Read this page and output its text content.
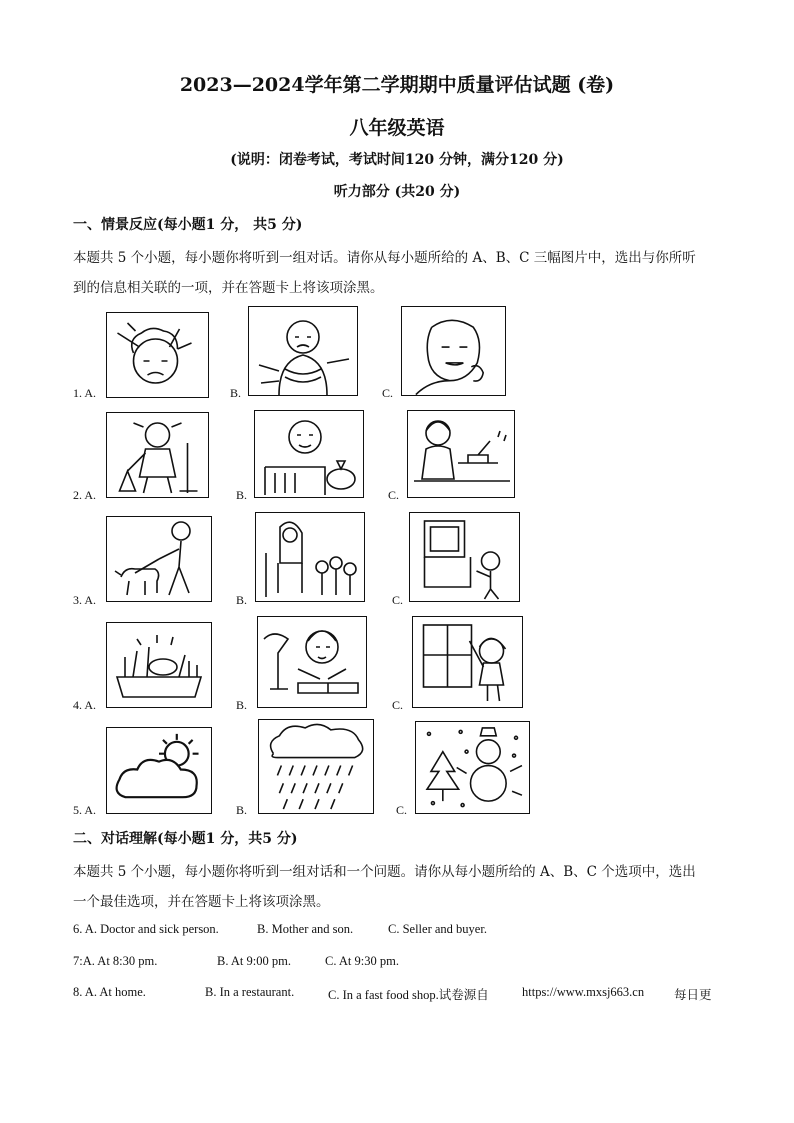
2023—2024学年第二学期期中质量评估试题 (卷)
八年级英语
(说明：闭卷考试，考试时间120 分钟，满分120 分)
听力部分 (共20 分)
一、情景反应(每小题1 分， 共5 分)
本题共 5 个小题，每小题你将听到一组对话。请你从每小题所给的 A、B、C 三幅图片中，选出与你所听
到的信息相关联的一项，并在答题卡上将该项涂黑。
1. A.	B.	C.
2. A.	B.	C.
3. A.	B.	C.
4. A.	B.	C.
5. A.	B.	C.
二、对话理解(每小题1 分，共5 分)
本题共 5 个小题，每小题你将听到一组对话和一个问题。请你从每小题所给的 A、B、C 个选项中，选出
一个最佳选项，并在答题卡上将该项涂黑。
6. A. Doctor and sick person.	B. Mother and son.	C. Seller and buyer.
7:A. At 8:30 pm.	B. At 9:00 pm.	C. At 9:30 pm.
8. A. At home.	B. In a restaurant.	C. In a fast food shop.试卷源自	https://www.mxsj663.cn 每日更
